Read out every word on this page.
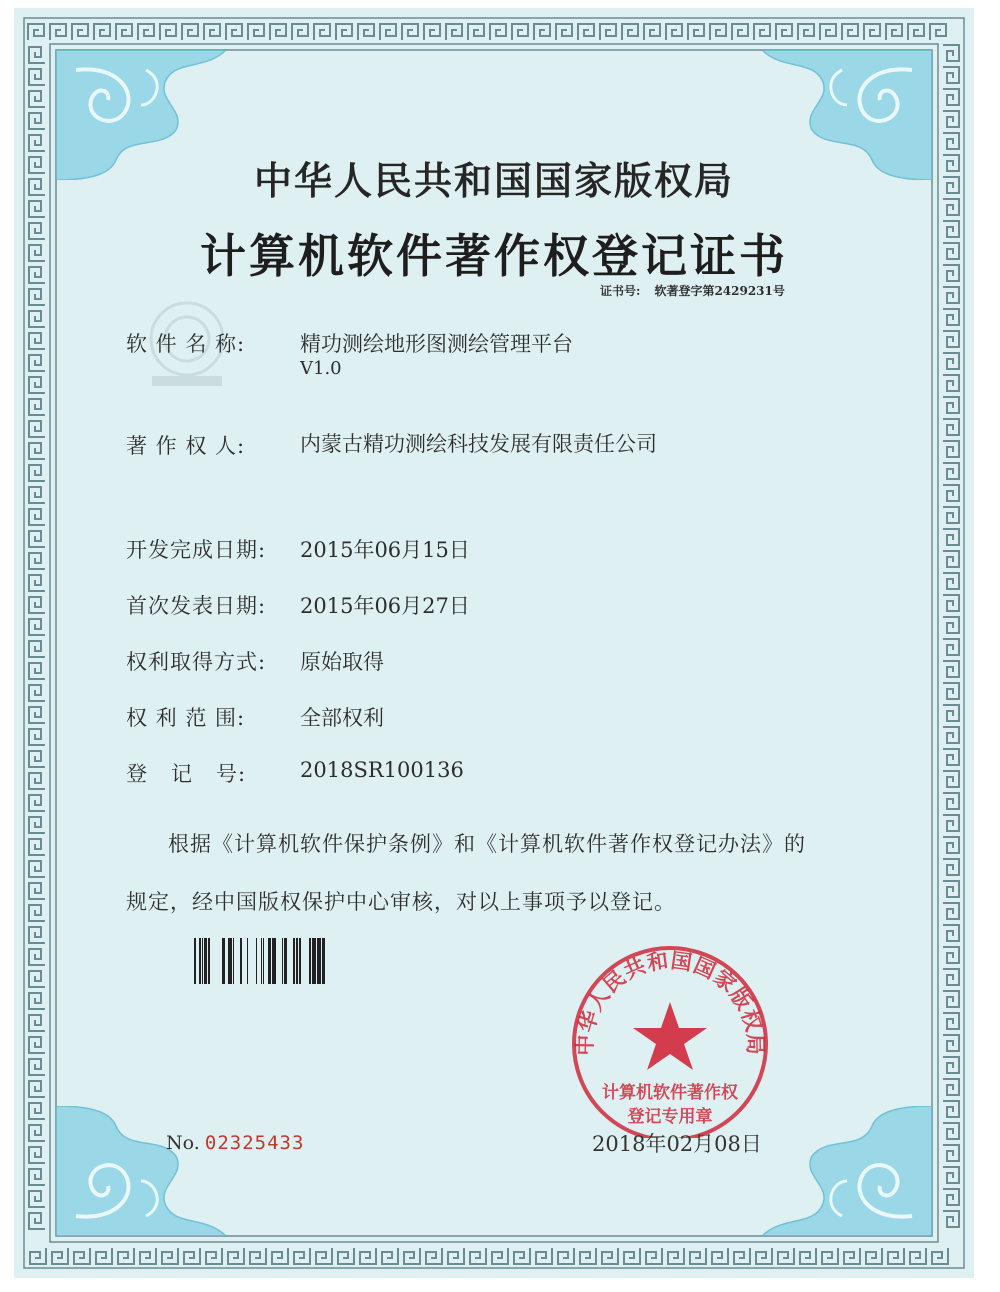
中华人民共和国国家版权局
计算机软件著作权登记证书
证书号: 软著登字第2429231号
软 件 名 称:	精功测绘地形图测绘管理平台
V1.0
著 作 权 人:	内蒙古精功测绘科技发展有限责任公司
开发完成日期: 2015年06月15日
首次发表日期: 2015年06月27日
权利取得方式: 原始取得
权 利 范 围:	全部权利
登   记   号:	2018SR100136
根据《计算机软件保护条例》和《计算机软件著作权登记办法》的
规定，经中国版权保护中心审核，对以上事项予以登记。
中华人民共和国国家版权局
计算机软件著作权
登记专用章
No. 02325433	2018年02月08日
